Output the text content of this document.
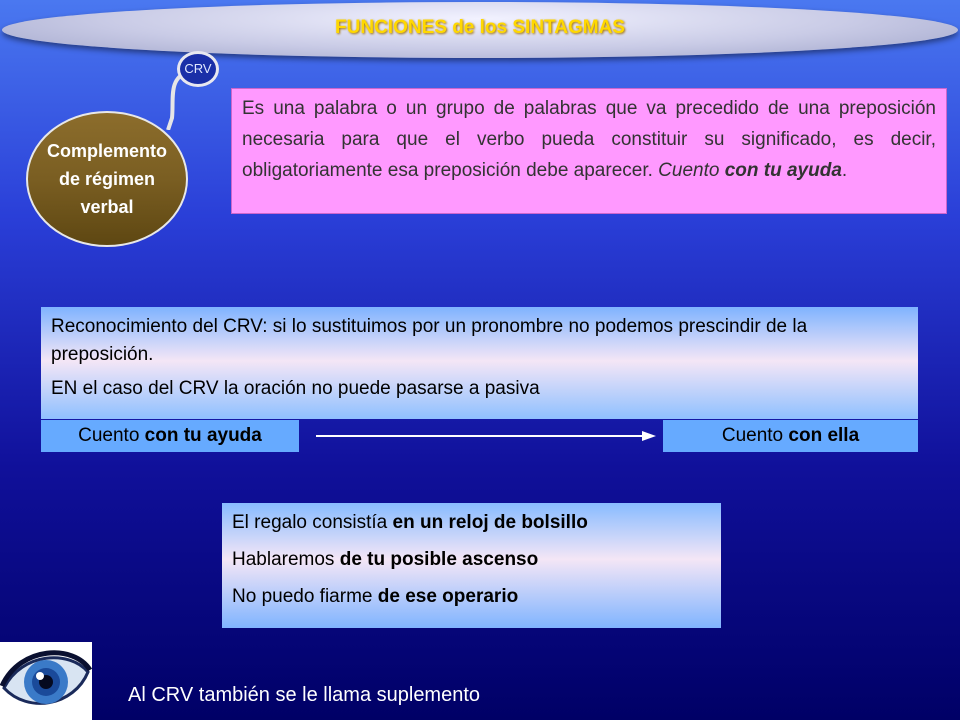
FUNCIONES de los SINTAGMAS
CRV
Complemento
de régimen
verbal
Es una palabra o un grupo de palabras que va precedido de una preposición necesaria para que el verbo pueda constituir su significado, es decir, obligatoriamente esa preposición debe aparecer. Cuento con tu ayuda.

Reconocimiento del CRV: si lo sustituimos por un pronombre no podemos prescindir de la preposición.

EN el caso del CRV la oración no puede pasarse a pasiva

Cuento con tu ayuda	Cuento con ella

El regalo consistía en un reloj de bolsillo

Hablaremos de tu posible ascenso

No puedo fiarme de ese operario

Al CRV también se le llama suplemento
